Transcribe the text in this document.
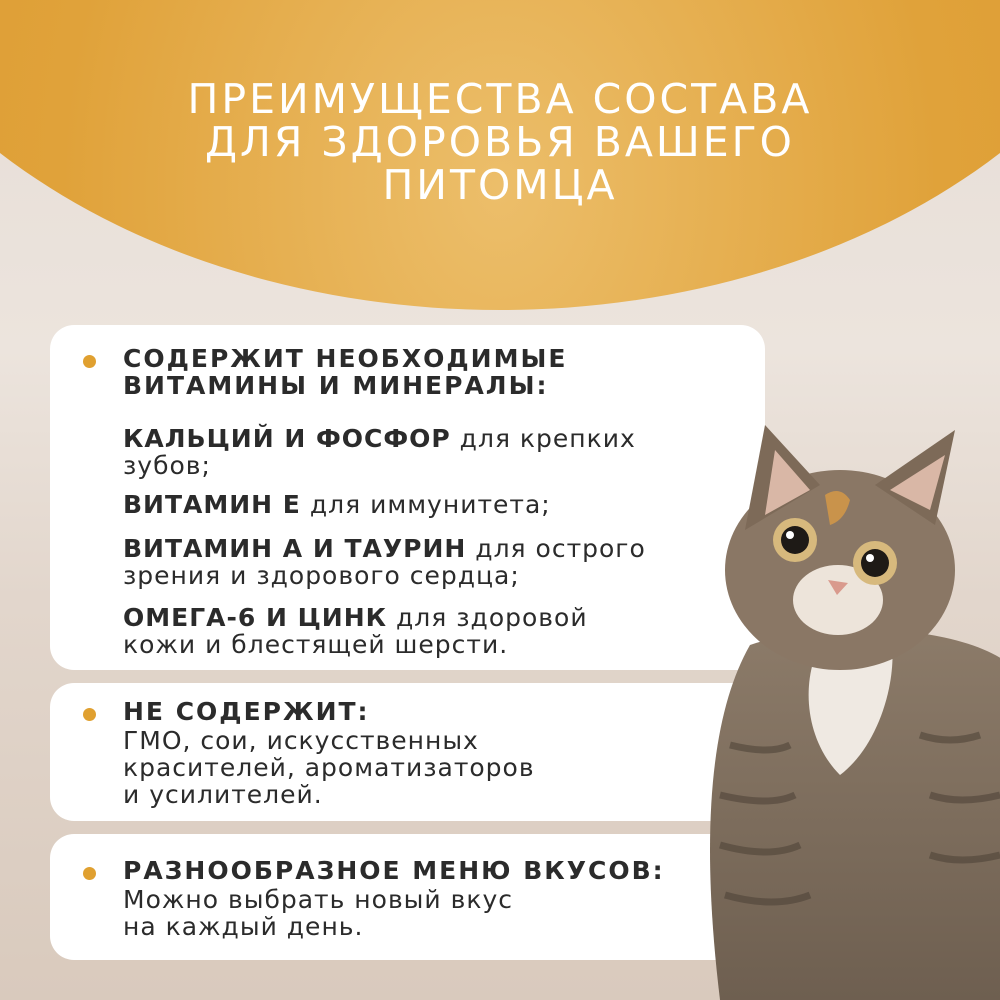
ПРЕИМУЩЕСТВА СОСТАВА
ДЛЯ ЗДОРОВЬЯ ВАШЕГО
ПИТОМЦА
СОДЕРЖИТ НЕОБХОДИМЫЕ
ВИТАМИНЫ И МИНЕРАЛЫ:
КАЛЬЦИЙ И ФОСФОР для крепких
зубов;
ВИТАМИН Е для иммунитета;
ВИТАМИН А И ТАУРИН для острого
зрения и здорового сердца;
ОМЕГА-6 И ЦИНК для здоровой
кожи и блестящей шерсти.
НЕ СОДЕРЖИТ:
ГМО, сои, искусственных
красителей, ароматизаторов
и усилителей.
РАЗНООБРАЗНОЕ МЕНЮ ВКУСОВ:
Можно выбрать новый вкус
на каждый день.
